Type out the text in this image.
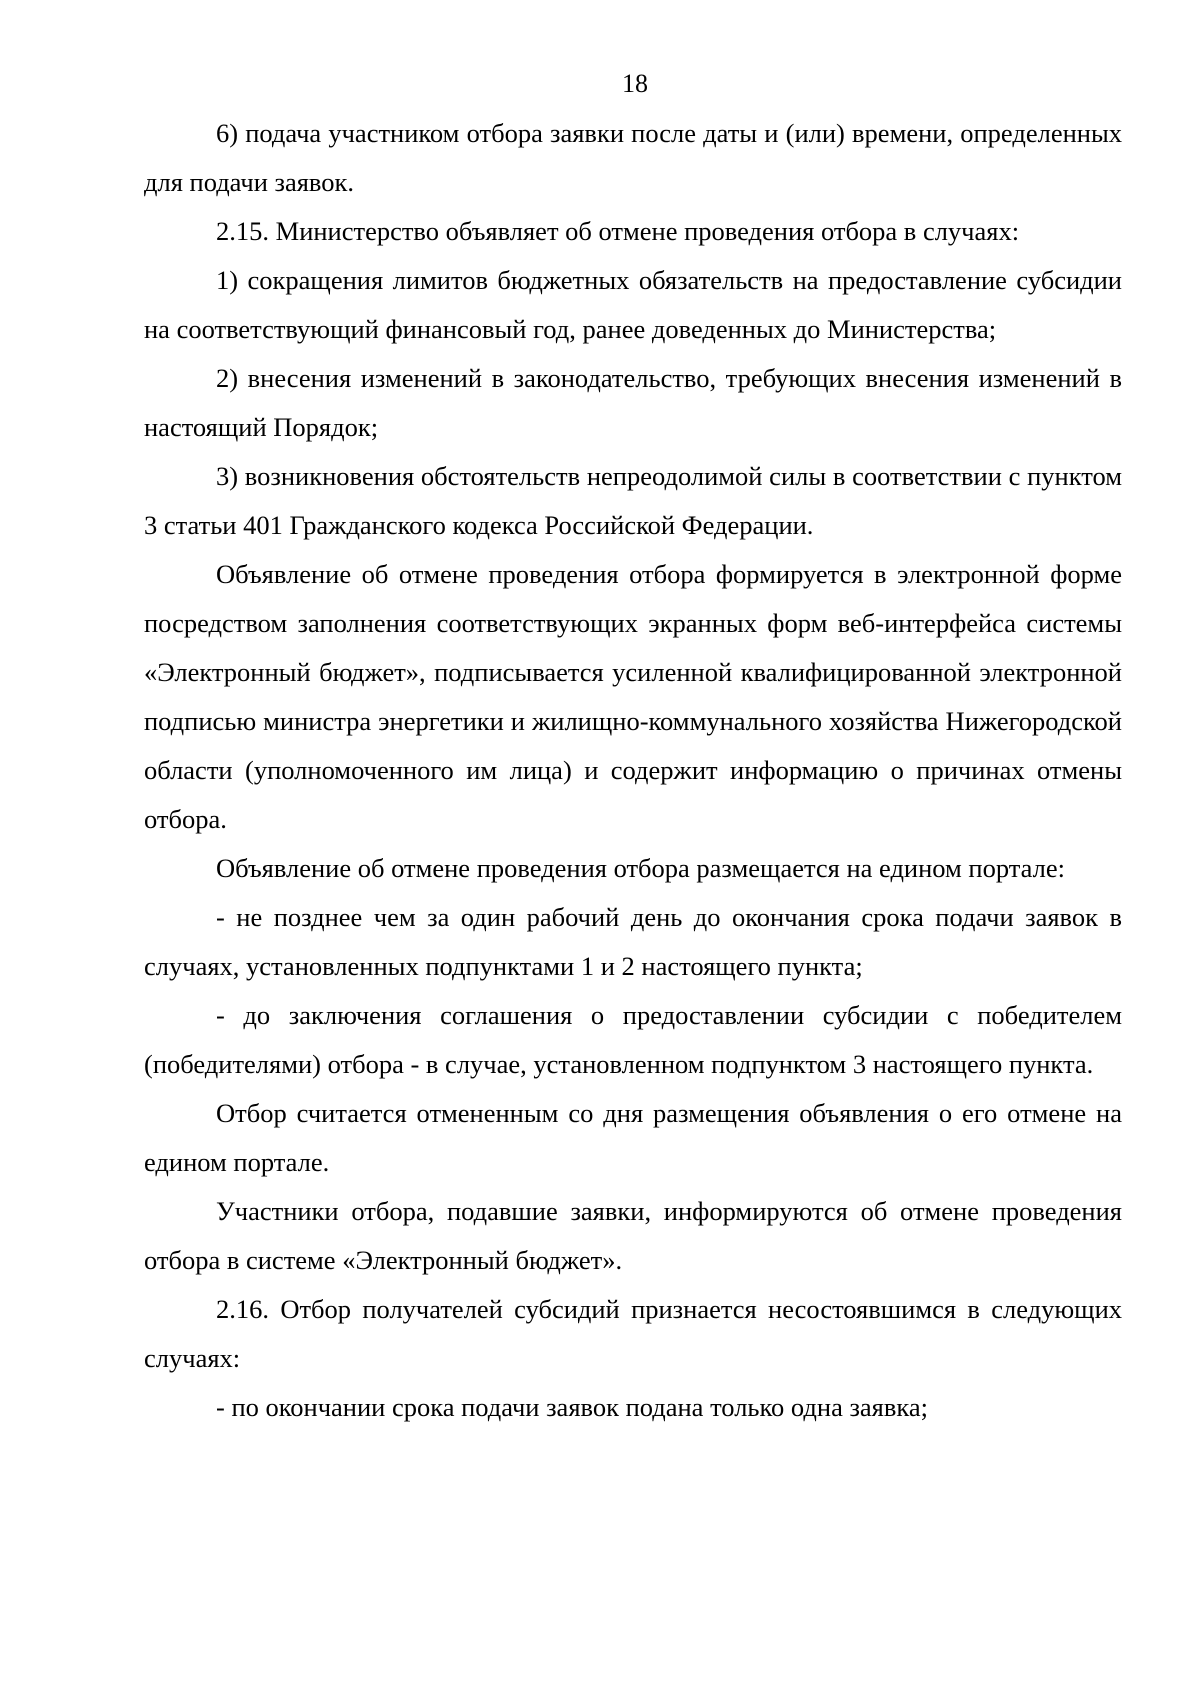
18

6) подача участником отбора заявки после даты и (или) времени, определенных для подачи заявок.

2.15. Министерство объявляет об отмене проведения отбора в случаях:

1) сокращения лимитов бюджетных обязательств на предоставление субсидии на соответствующий финансовый год, ранее доведенных до Министерства;

2) внесения изменений в законодательство, требующих внесения изменений в настоящий Порядок;

3) возникновения обстоятельств непреодолимой силы в соответствии с пунктом 3 статьи 401 Гражданского кодекса Российской Федерации.

Объявление об отмене проведения отбора формируется в электронной форме посредством заполнения соответствующих экранных форм веб-интерфейса системы «Электронный бюджет», подписывается усиленной квалифицированной электронной подписью министра энергетики и жилищно-коммунального хозяйства Нижегородской области (уполномоченного им лица) и содержит информацию о причинах отмены отбора.

Объявление об отмене проведения отбора размещается на едином портале:

- не позднее чем за один рабочий день до окончания срока подачи заявок в случаях, установленных подпунктами 1 и 2 настоящего пункта;

- до заключения соглашения о предоставлении субсидии с победителем (победителями) отбора - в случае, установленном подпунктом 3 настоящего пункта.

Отбор считается отмененным со дня размещения объявления о его отмене на едином портале.

Участники отбора, подавшие заявки, информируются об отмене проведения отбора в системе «Электронный бюджет».

2.16. Отбор получателей субсидий признается несостоявшимся в следующих случаях:

- по окончании срока подачи заявок подана только одна заявка;
